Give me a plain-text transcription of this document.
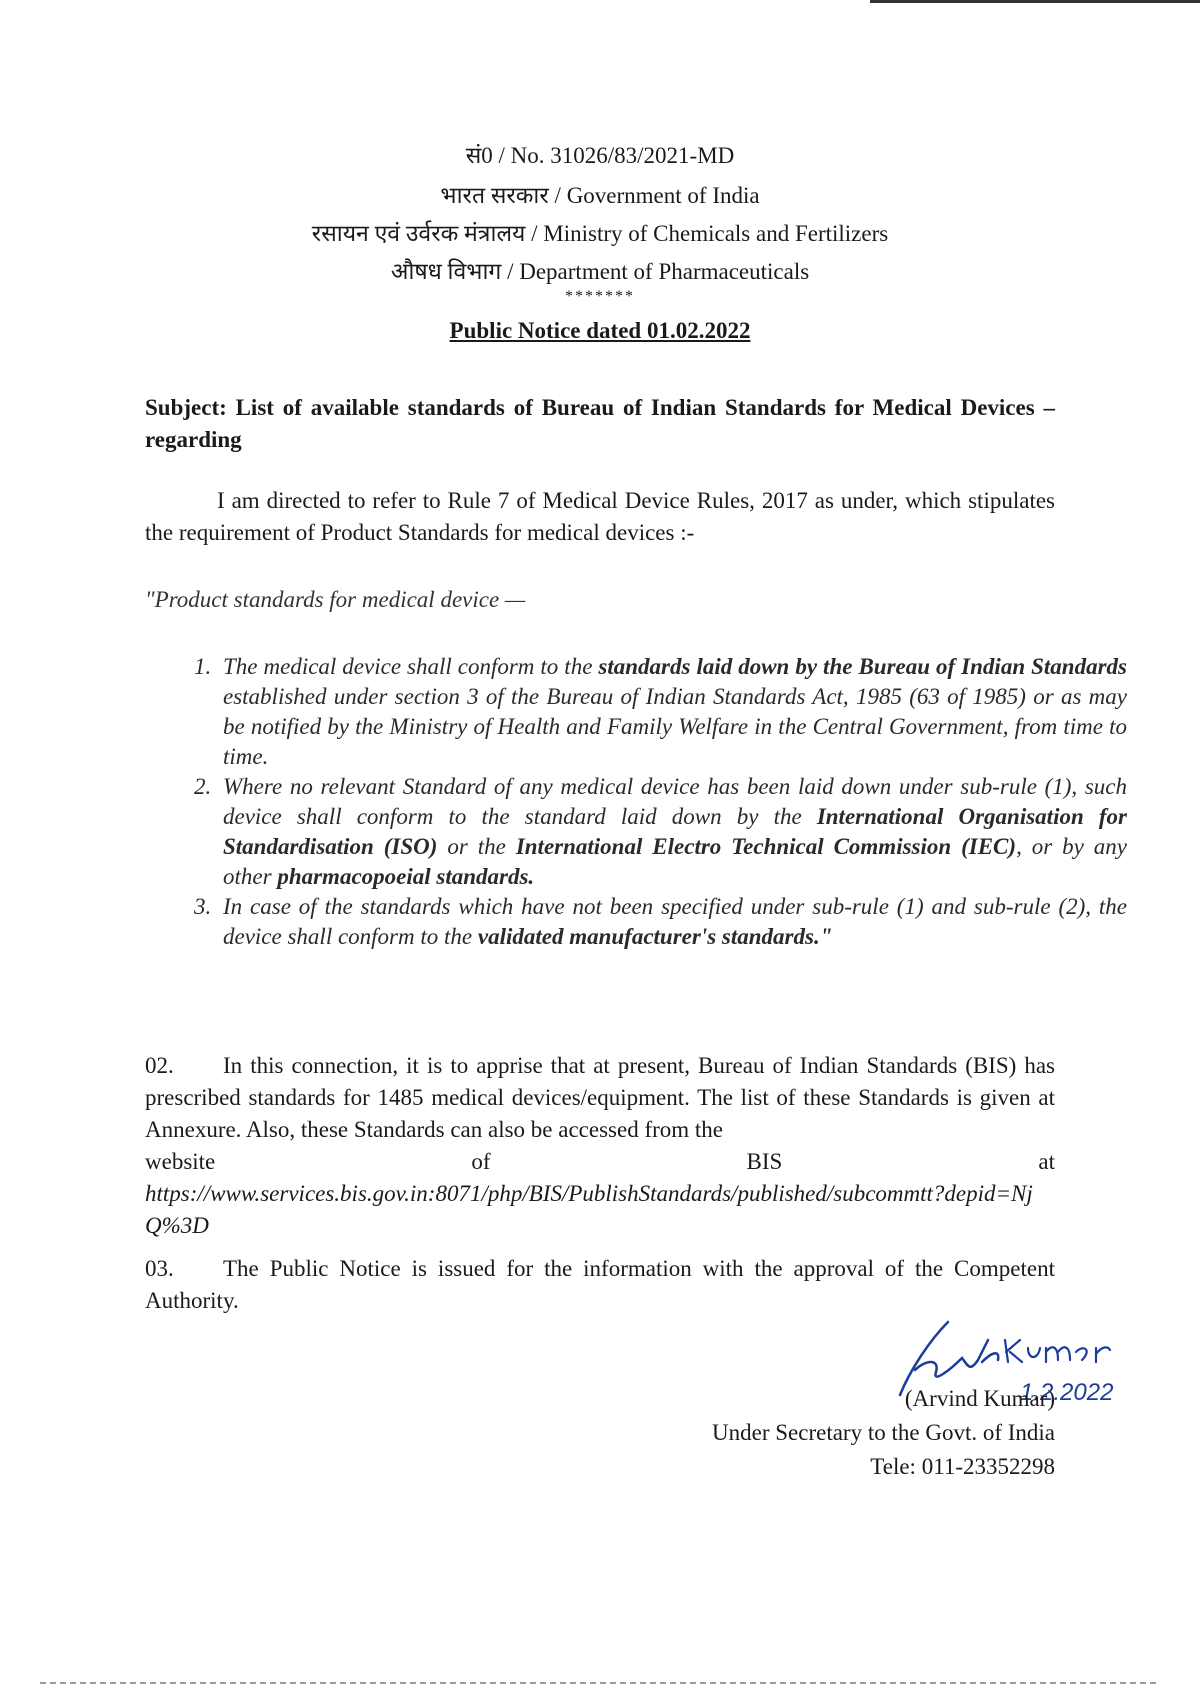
सं0 / No. 31026/83/2021-MD
भारत सरकार / Government of India
रसायन एवं उर्वरक मंत्रालय / Ministry of Chemicals and Fertilizers
औषध विभाग / Department of Pharmaceuticals
*******
Public Notice dated 01.02.2022
Subject: List of available standards of Bureau of Indian Standards for Medical Devices – regarding
I am directed to refer to Rule 7 of Medical Device Rules, 2017 as under, which stipulates the requirement of Product Standards for medical devices :-
"Product standards for medical device —
1. The medical device shall conform to the standards laid down by the Bureau of Indian Standards established under section 3 of the Bureau of Indian Standards Act, 1985 (63 of 1985) or as may be notified by the Ministry of Health and Family Welfare in the Central Government, from time to time.
2. Where no relevant Standard of any medical device has been laid down under sub-rule (1), such device shall conform to the standard laid down by the International Organisation for Standardisation (ISO) or the International Electro Technical Commission (IEC), or by any other pharmacopoeial standards.
3. In case of the standards which have not been specified under sub-rule (1) and sub-rule (2), the device shall conform to the validated manufacturer's standards."
02. In this connection, it is to apprise that at present, Bureau of Indian Standards (BIS) has prescribed standards for 1485 medical devices/equipment. The list of these Standards is given at Annexure. Also, these Standards can also be accessed from the
website	of	BIS	at
https://www.services.bis.gov.in:8071/php/BIS/PublishStandards/published/subcommtt?depid=NjQ%3D
03. The Public Notice is issued for the information with the approval of the Competent Authority.
1.2.2022
(Arvind Kumar)
Under Secretary to the Govt. of India
Tele: 011-23352298
